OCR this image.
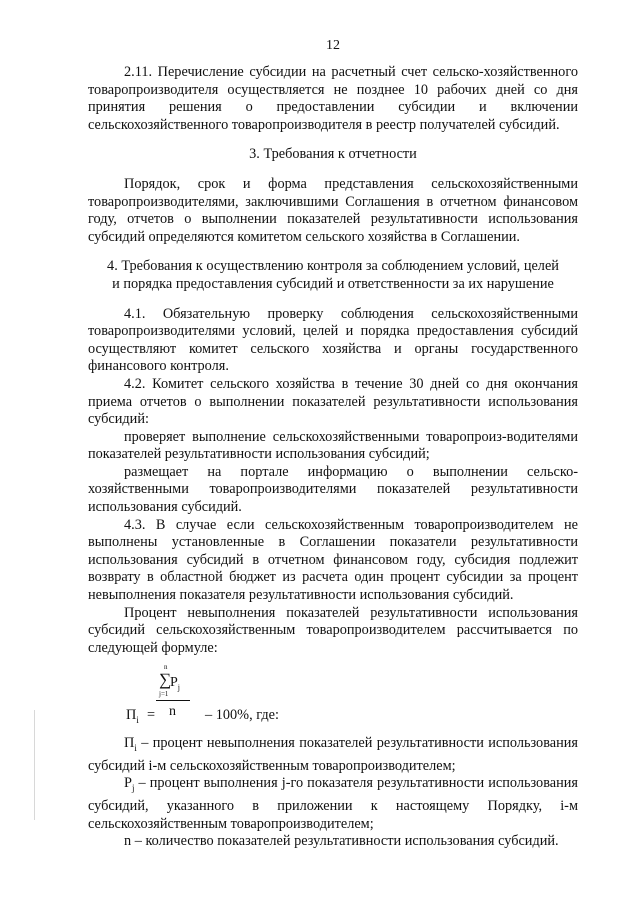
12

2.11. Перечисление субсидии на расчетный счет сельско-хозяйственного товаропроизводителя осуществляется не позднее 10 рабочих дней со дня принятия решения о предоставлении субсидии и включении сельскохозяйственного товаропроизводителя в реестр получателей субсидий.

3. Требования к отчетности

Порядок, срок и форма представления сельскохозяйственными товаропроизводителями, заключившими Соглашения в отчетном финансовом году, отчетов о выполнении показателей результативности использования субсидий определяются комитетом сельского хозяйства в Соглашении.

4. Требования к осуществлению контроля за соблюдением условий, целей

и порядка предоставления субсидий и ответственности за их нарушение

4.1. Обязательную проверку соблюдения сельскохозяйственными товаропроизводителями условий, целей и порядка предоставления субсидий осуществляют комитет сельского хозяйства и органы государственного финансового контроля.

4.2. Комитет сельского хозяйства в течение 30 дней со дня окончания приема отчетов о выполнении показателей результативности использования субсидий:

проверяет выполнение сельскохозяйственными товаропроиз-водителями показателей результативности использования субсидий;

размещает на портале информацию о выполнении сельско-хозяйственными товаропроизводителями показателей результативности использования субсидий.

4.3. В случае если сельскохозяйственным товаропроизводителем не выполнены установленные в Соглашении показатели результативности использования субсидий в отчетном финансовом году, субсидия подлежит возврату в областной бюджет из расчета один процент субсидии за процент невыполнения показателя результативности использования субсидий.

Процент невыполнения показателей результативности использования субсидий сельскохозяйственным товаропроизводителем рассчитывается по следующей формуле:

$П_i$ =
n
∑
$P_j$
j=1
n – 100%, где:

$П_i$ – процент невыполнения показателей результативности использования субсидий i-м сельскохозяйственным товаропроизводителем;

$P_j$ – процент выполнения j-го показателя результативности использования субсидий, указанного в приложении к настоящему Порядку, i-м сельскохозяйственным товаропроизводителем;

n – количество показателей результативности использования субсидий.
